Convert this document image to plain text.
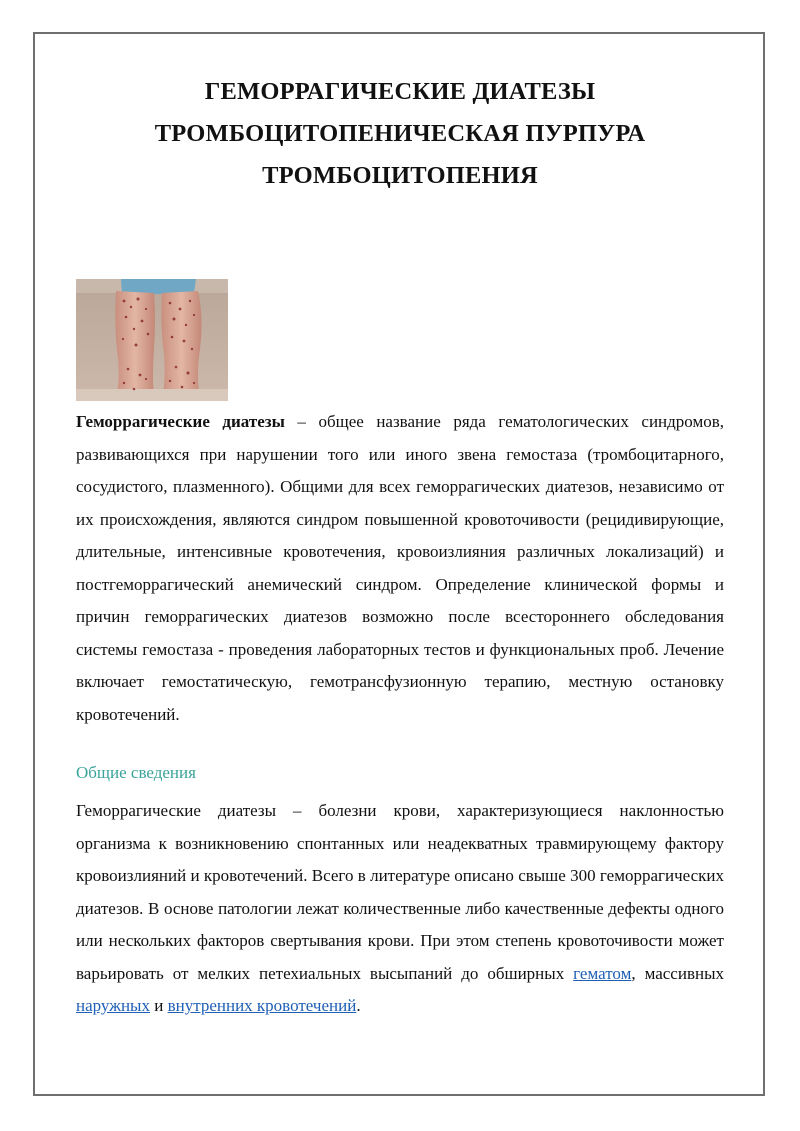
ГЕМОРРАГИЧЕСКИЕ ДИАТЕЗЫ
ТРОМБОЦИТОПЕНИЧЕСКАЯ ПУРПУРА
ТРОМБОЦИТОПЕНИЯ
Геморрагические диатезы – общее название ряда гематологических синдромов, развивающихся при нарушении того или иного звена гемостаза (тромбоцитарного, сосудистого, плазменного). Общими для всех геморрагических диатезов, независимо от их происхождения, являются синдром повышенной кровоточивости (рецидивирующие, длительные, интенсивные кровотечения, кровоизлияния различных локализаций) и постгеморрагический анемический синдром. Определение клинической формы и причин геморрагических диатезов возможно после всестороннего обследования системы гемостаза - проведения лабораторных тестов и функциональных проб. Лечение включает гемостатическую, гемотрансфузионную терапию, местную остановку кровотечений.
Общие сведения
Геморрагические диатезы – болезни крови, характеризующиеся наклонностью организма к возникновению спонтанных или неадекватных травмирующему фактору кровоизлияний и кровотечений. Всего в литературе описано свыше 300 геморрагических диатезов. В основе патологии лежат количественные либо качественные дефекты одного или нескольких факторов свертывания крови. При этом степень кровоточивости может варьировать от мелких петехиальных высыпаний до обширных гематом, массивных наружных и внутренних кровотечений.
